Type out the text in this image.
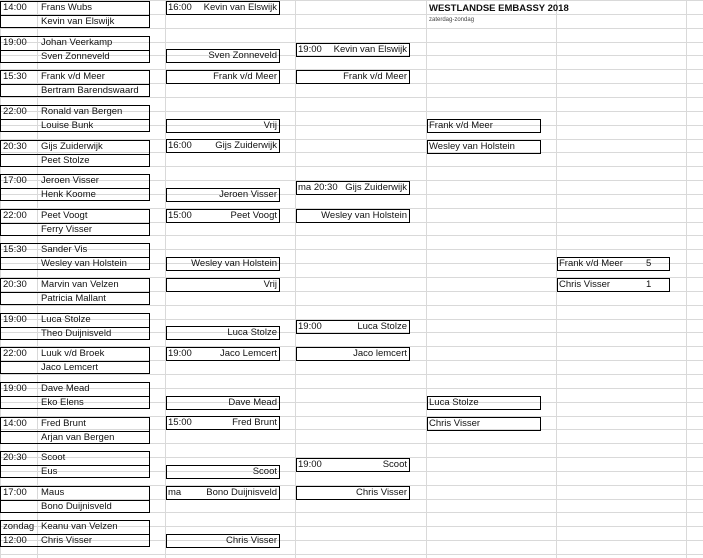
WESTLANDSE EMBASSY 2018
zaterdag-zondag
14:00 Frans Wubs
Kevin van Elswijk
19:00 Johan Veerkamp
Sven Zonneveld
15:30 Frank v/d Meer
Bertram Barendswaard
22:00 Ronald van Bergen
Louise Bunk
20:30 Gijs Zuiderwijk
Peet Stolze
17:00 Jeroen Visser
Henk Koome
22:00 Peet Voogt
Ferry Visser
15:30 Sander Vis
Wesley van Holstein
20:30 Marvin van Velzen
Patricia Mallant
19:00 Luca Stolze
Theo Duijnisveld
22:00 Luuk v/d Broek
Jaco Lemcert
19:00 Dave Mead
Eko Elens
14:00 Fred Brunt
Arjan van Bergen
20:30 Scoot
Eus
17:00 Maus
Bono Duijnisveld
zondag
12:00
Keanu van Velzen
Chris Visser
16:00	Kevin van Elswijk
Sven Zonneveld
Frank v/d Meer
Vrij
16:00	Gijs Zuiderwijk
Jeroen Visser
15:00	Peet Voogt
Wesley van Holstein
Vrij
Luca Stolze
19:00	Jaco Lemcert
Dave Mead
15:00	Fred Brunt
Scoot
ma	Bono Duijnisveld
Chris Visser
19:00	Kevin van Elswijk
Frank v/d Meer
ma 20:30 Gijs Zuiderwijk
Wesley van Holstein
19:00	Luca Stolze
Jaco lemcert
19:00	Scoot
Chris Visser
Frank v/d Meer
Wesley van Holstein
Luca Stolze
Chris Visser
Frank v/d Meer 5
Chris Visser	1
